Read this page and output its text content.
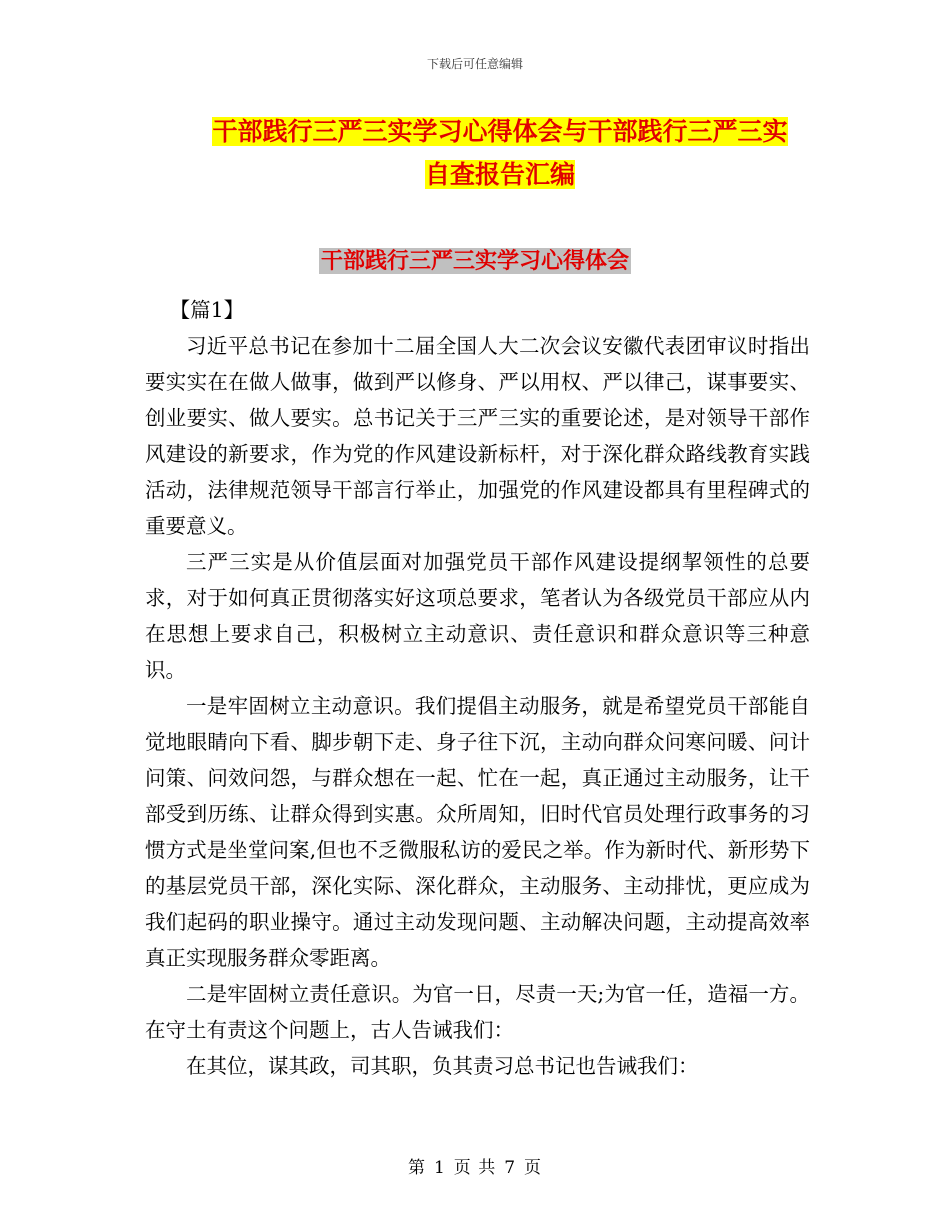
下载后可任意编辑
干部践行三严三实学习心得体会与干部践行三严三实
自查报告汇编
干部践行三严三实学习心得体会

【篇1】

习近平总书记在参加十二届全国人大二次会议安徽代表团审议时指出要实实在在做人做事，做到严以修身、严以用权、严以律己，谋事要实、创业要实、做人要实。总书记关于三严三实的重要论述，是对领导干部作风建设的新要求，作为党的作风建设新标杆，对于深化群众路线教育实践活动，法律规范领导干部言行举止，加强党的作风建设都具有里程碑式的重要意义。

三严三实是从价值层面对加强党员干部作风建设提纲挈领性的总要求，对于如何真正贯彻落实好这项总要求，笔者认为各级党员干部应从内在思想上要求自己，积极树立主动意识、责任意识和群众意识等三种意识。

一是牢固树立主动意识。我们提倡主动服务，就是希望党员干部能自觉地眼睛向下看、脚步朝下走、身子往下沉，主动向群众问寒问暖、问计问策、问效问怨，与群众想在一起、忙在一起，真正通过主动服务，让干部受到历练、让群众得到实惠。众所周知，旧时代官员处理行政事务的习惯方式是坐堂问案,但也不乏微服私访的爱民之举。作为新时代、新形势下的基层党员干部，深化实际、深化群众，主动服务、主动排忧，更应成为我们起码的职业操守。通过主动发现问题、主动解决问题，主动提高效率真正实现服务群众零距离。

二是牢固树立责任意识。为官一日，尽责一天;为官一任，造福一方。在守土有责这个问题上，古人告诫我们：

在其位，谋其政，司其职，负其责习总书记也告诫我们：

第 1 页 共 7 页
